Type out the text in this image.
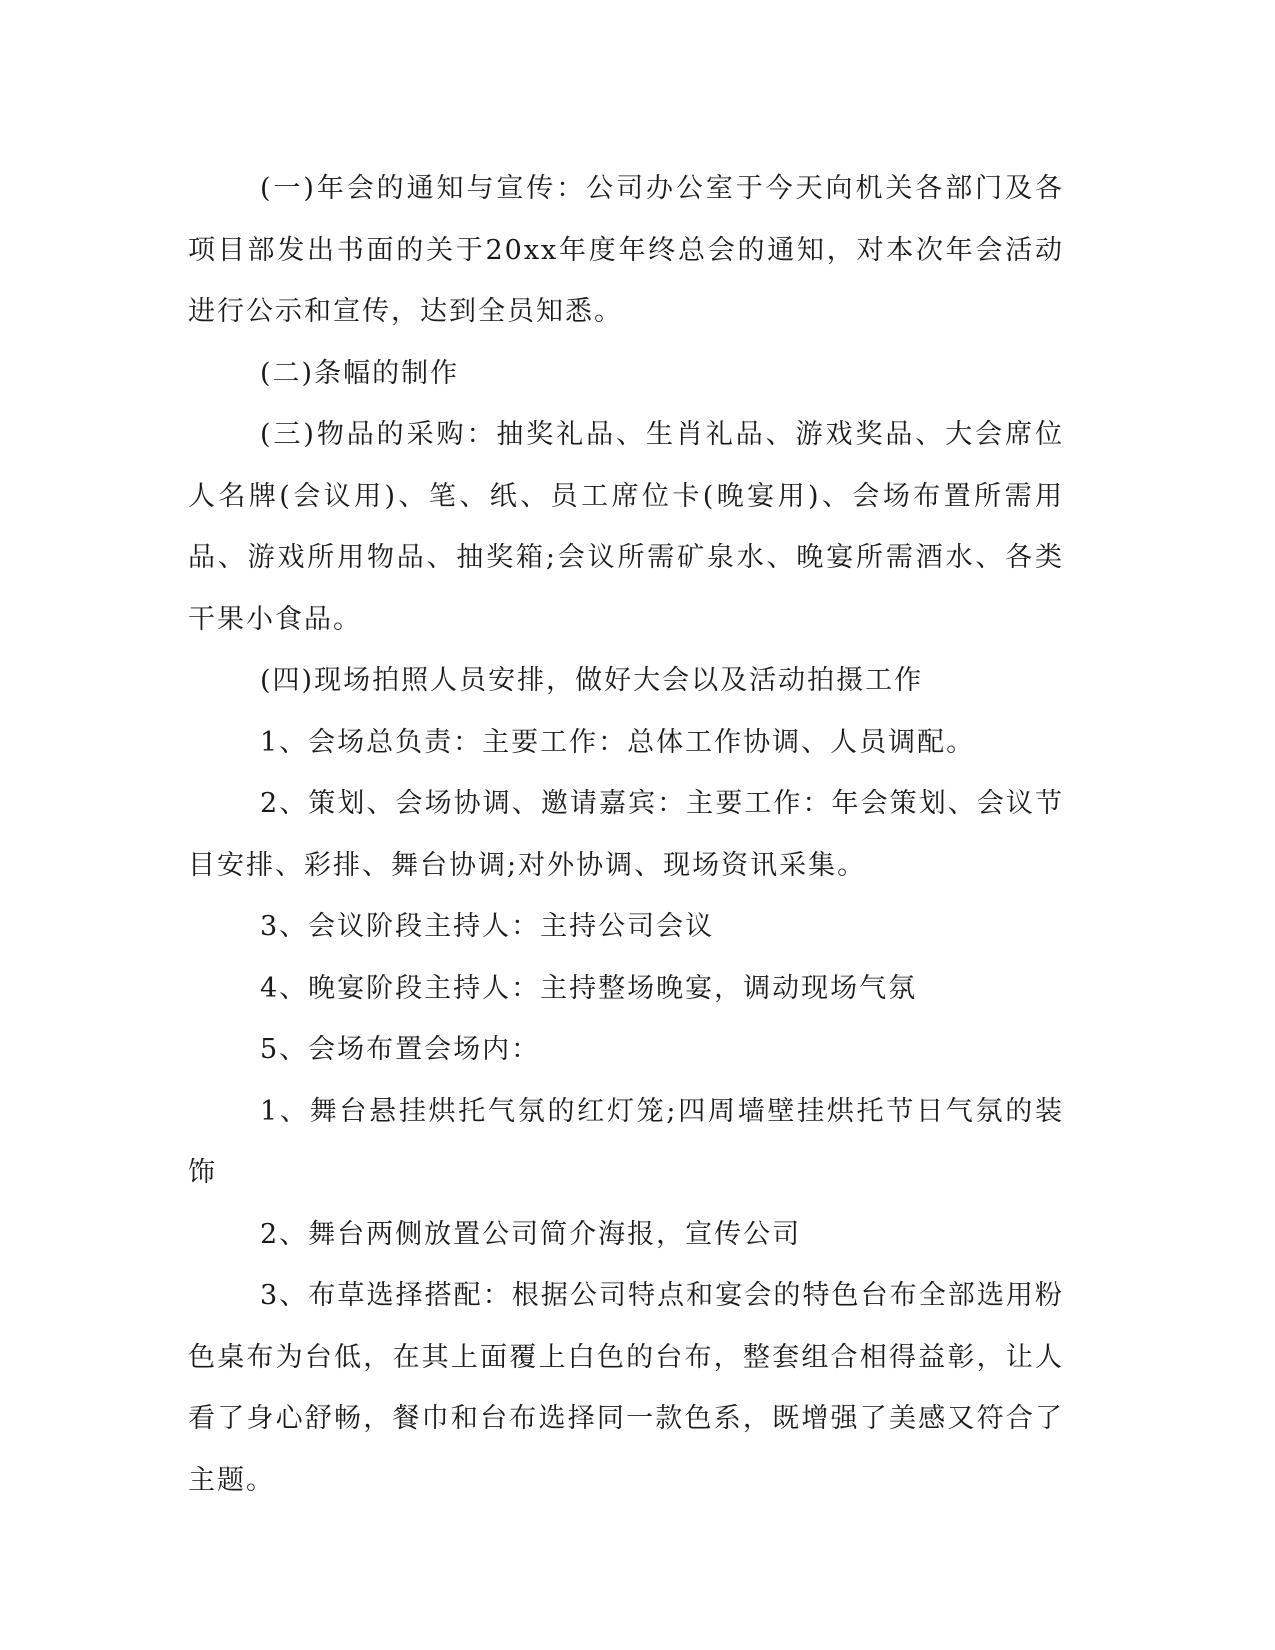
(一)年会的通知与宣传：公司办公室于今天向机关各部门及各项目部发出书面的关于20xx年度年终总会的通知，对本次年会活动进行公示和宣传，达到全员知悉。

(二)条幅的制作

(三)物品的采购：抽奖礼品、生肖礼品、游戏奖品、大会席位人名牌(会议用)、笔、纸、员工席位卡(晚宴用)、会场布置所需用品、游戏所用物品、抽奖箱;会议所需矿泉水、晚宴所需酒水、各类干果小食品。

(四)现场拍照人员安排，做好大会以及活动拍摄工作

1、会场总负责：主要工作：总体工作协调、人员调配。

2、策划、会场协调、邀请嘉宾：主要工作：年会策划、会议节目安排、彩排、舞台协调;对外协调、现场资讯采集。

3、会议阶段主持人：主持公司会议

4、晚宴阶段主持人：主持整场晚宴，调动现场气氛

5、会场布置会场内：

1、舞台悬挂烘托气氛的红灯笼;四周墙壁挂烘托节日气氛的装饰

2、舞台两侧放置公司简介海报，宣传公司

3、布草选择搭配：根据公司特点和宴会的特色台布全部选用粉色桌布为台低，在其上面覆上白色的台布，整套组合相得益彰，让人看了身心舒畅，餐巾和台布选择同一款色系，既增强了美感又符合了主题。
